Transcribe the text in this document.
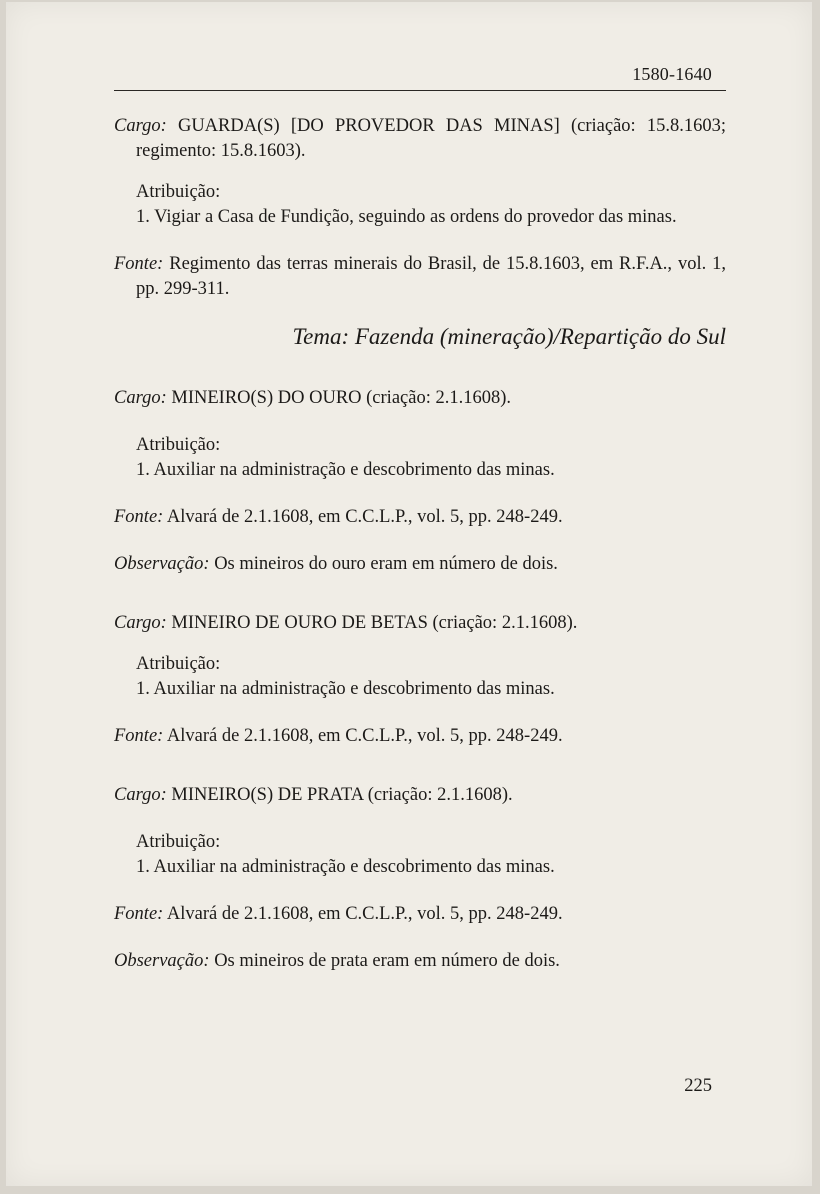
1580-1640

Cargo: GUARDA(S) [DO PROVEDOR DAS MINAS] (criação: 15.8.1603; regimento: 15.8.1603).

Atribuição:

1. Vigiar a Casa de Fundição, seguindo as ordens do provedor das minas.

Fonte: Regimento das terras minerais do Brasil, de 15.8.1603, em R.F.A., vol. 1, pp. 299-311.

Tema: Fazenda (mineração)/Repartição do Sul

Cargo: MINEIRO(S) DO OURO (criação: 2.1.1608).

Atribuição:

1. Auxiliar na administração e descobrimento das minas.

Fonte: Alvará de 2.1.1608, em C.C.L.P., vol. 5, pp. 248-249.

Observação: Os mineiros do ouro eram em número de dois.

Cargo: MINEIRO DE OURO DE BETAS (criação: 2.1.1608).

Atribuição:

1. Auxiliar na administração e descobrimento das minas.

Fonte: Alvará de 2.1.1608, em C.C.L.P., vol. 5, pp. 248-249.

Cargo: MINEIRO(S) DE PRATA (criação: 2.1.1608).

Atribuição:

1. Auxiliar na administração e descobrimento das minas.

Fonte: Alvará de 2.1.1608, em C.C.L.P., vol. 5, pp. 248-249.

Observação: Os mineiros de prata eram em número de dois.

225
